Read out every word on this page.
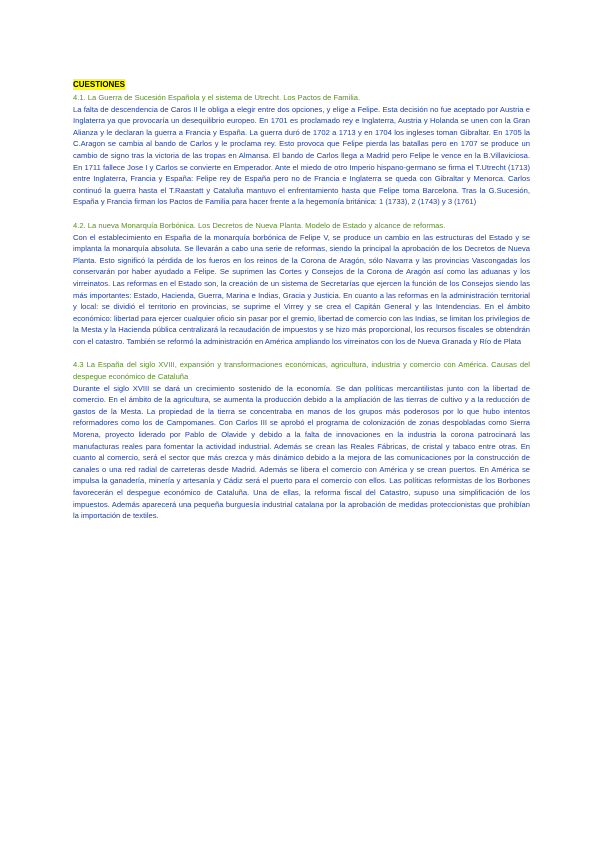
CUESTIONES

4.1. La Guerra de Sucesión Española y el sistema de Utrecht. Los Pactos de Familia.

La falta de descendencia de Caros II le obliga a elegir entre dos opciones, y elige a Felipe. Esta decisión no fue aceptado por Austria e Inglaterra ya que provocaría un desequilibrio europeo. En 1701 es proclamado rey e Inglaterra, Austria y Holanda se unen con la Gran Alianza y le declaran la guerra a Francia y España. La guerra duró de 1702 a 1713 y en 1704 los ingleses toman Gibraltar. En 1705 la C.Aragon se cambia al bando de Carlos y le proclama rey. Esto provoca que Felipe pierda las batallas pero en 1707 se produce un cambio de signo tras la victoria de las tropas en Almansa. El bando de Carlos llega a Madrid pero Felipe le vence en la B.Villaviciosa. En 1711 fallece Jose I y Carlos se convierte en Emperador. Ante el miedo de otro Imperio hispano-germano se firma el T.Utrecht (1713) entre Inglaterra, Francia y España: Felipe rey de España pero no de Francia e Inglaterra se queda con Gibraltar y Menorca. Carlos continuó la guerra hasta el T.Raastatt y Cataluña mantuvo el enfrentamiento hasta que Felipe toma Barcelona. Tras la G.Sucesión, España y Francia firman los Pactos de Familia para hacer frente a la hegemonía británica: 1 (1733), 2 (1743) y 3 (1761)

4.2. La nueva Monarquía Borbónica. Los Decretos de Nueva Planta. Modelo de Estado y alcance de reformas.

Con el establecimiento en España de la monarquía borbónica de Felipe V, se produce un cambio en las estructuras del Estado y se implanta la monarquía absoluta. Se llevarán a cabo una serie de reformas, siendo la principal la aprobación de los Decretos de Nueva Planta. Esto significó la pérdida de los fueros en los reinos de la Corona de Aragón, sólo Navarra y las provincias Vascongadas los conservarán por haber ayudado a Felipe. Se suprimen las Cortes y Consejos de la Corona de Aragón así como las aduanas y los virreinatos. Las reformas en el Estado son, la creación de un sistema de Secretarías que ejercen la función de los Consejos siendo las más importantes: Estado, Hacienda, Guerra, Marina e Indias, Gracia y Justicia. En cuanto a las reformas en la administración territorial y local: se dividió el territorio en provincias, se suprime el Virrey y se crea el Capitán General y las Intendencias. En el ámbito económico: libertad para ejercer cualquier oficio sin pasar por el gremio, libertad de comercio con las Indias, se limitan los privilegios de la Mesta y la Hacienda pública centralizará la recaudación de impuestos y se hizo más proporcional, los recursos fiscales se obtendrán con el catastro. También se reformó la administración en América ampliando los virreinatos con los de Nueva Granada y Río de Plata

4.3 La España del siglo XVIII, expansión y transformaciones económicas, agricultura, industria y comercio con América. Causas del despegue económico de Cataluña

Durante el siglo XVIII se dará un crecimiento sostenido de la economía. Se dan políticas mercantilistas junto con la libertad de comercio. En el ámbito de la agricultura, se aumenta la producción debido a la ampliación de las tierras de cultivo y a la reducción de gastos de la Mesta. La propiedad de la tierra se concentraba en manos de los grupos más poderosos por lo que hubo intentos reformadores como los de Campomanes. Con Carlos III se aprobó el programa de colonización de zonas despobladas como Sierra Morena, proyecto liderado por Pablo de Olavide y debido a la falta de innovaciones en la industria la corona patrocinará las manufacturas reales para fomentar la actividad industrial. Además se crean las Reales Fábricas, de cristal y tabaco entre otras. En cuanto al comercio, será el sector que más crezca y más dinámico debido a la mejora de las comunicaciones por la construcción de canales o una red radial de carreteras desde Madrid. Además se libera el comercio con América y se crean puertos. En América se impulsa la ganadería, minería y artesanía y Cádiz será el puerto para el comercio con ellos. Las políticas reformistas de los Borbones favorecerán el despegue económico de Cataluña. Una de ellas, la reforma fiscal del Catastro, supuso una simplificación de los impuestos. Además aparecerá una pequeña burguesía industrial catalana por la aprobación de medidas proteccionistas que prohibían la importación de textiles.
